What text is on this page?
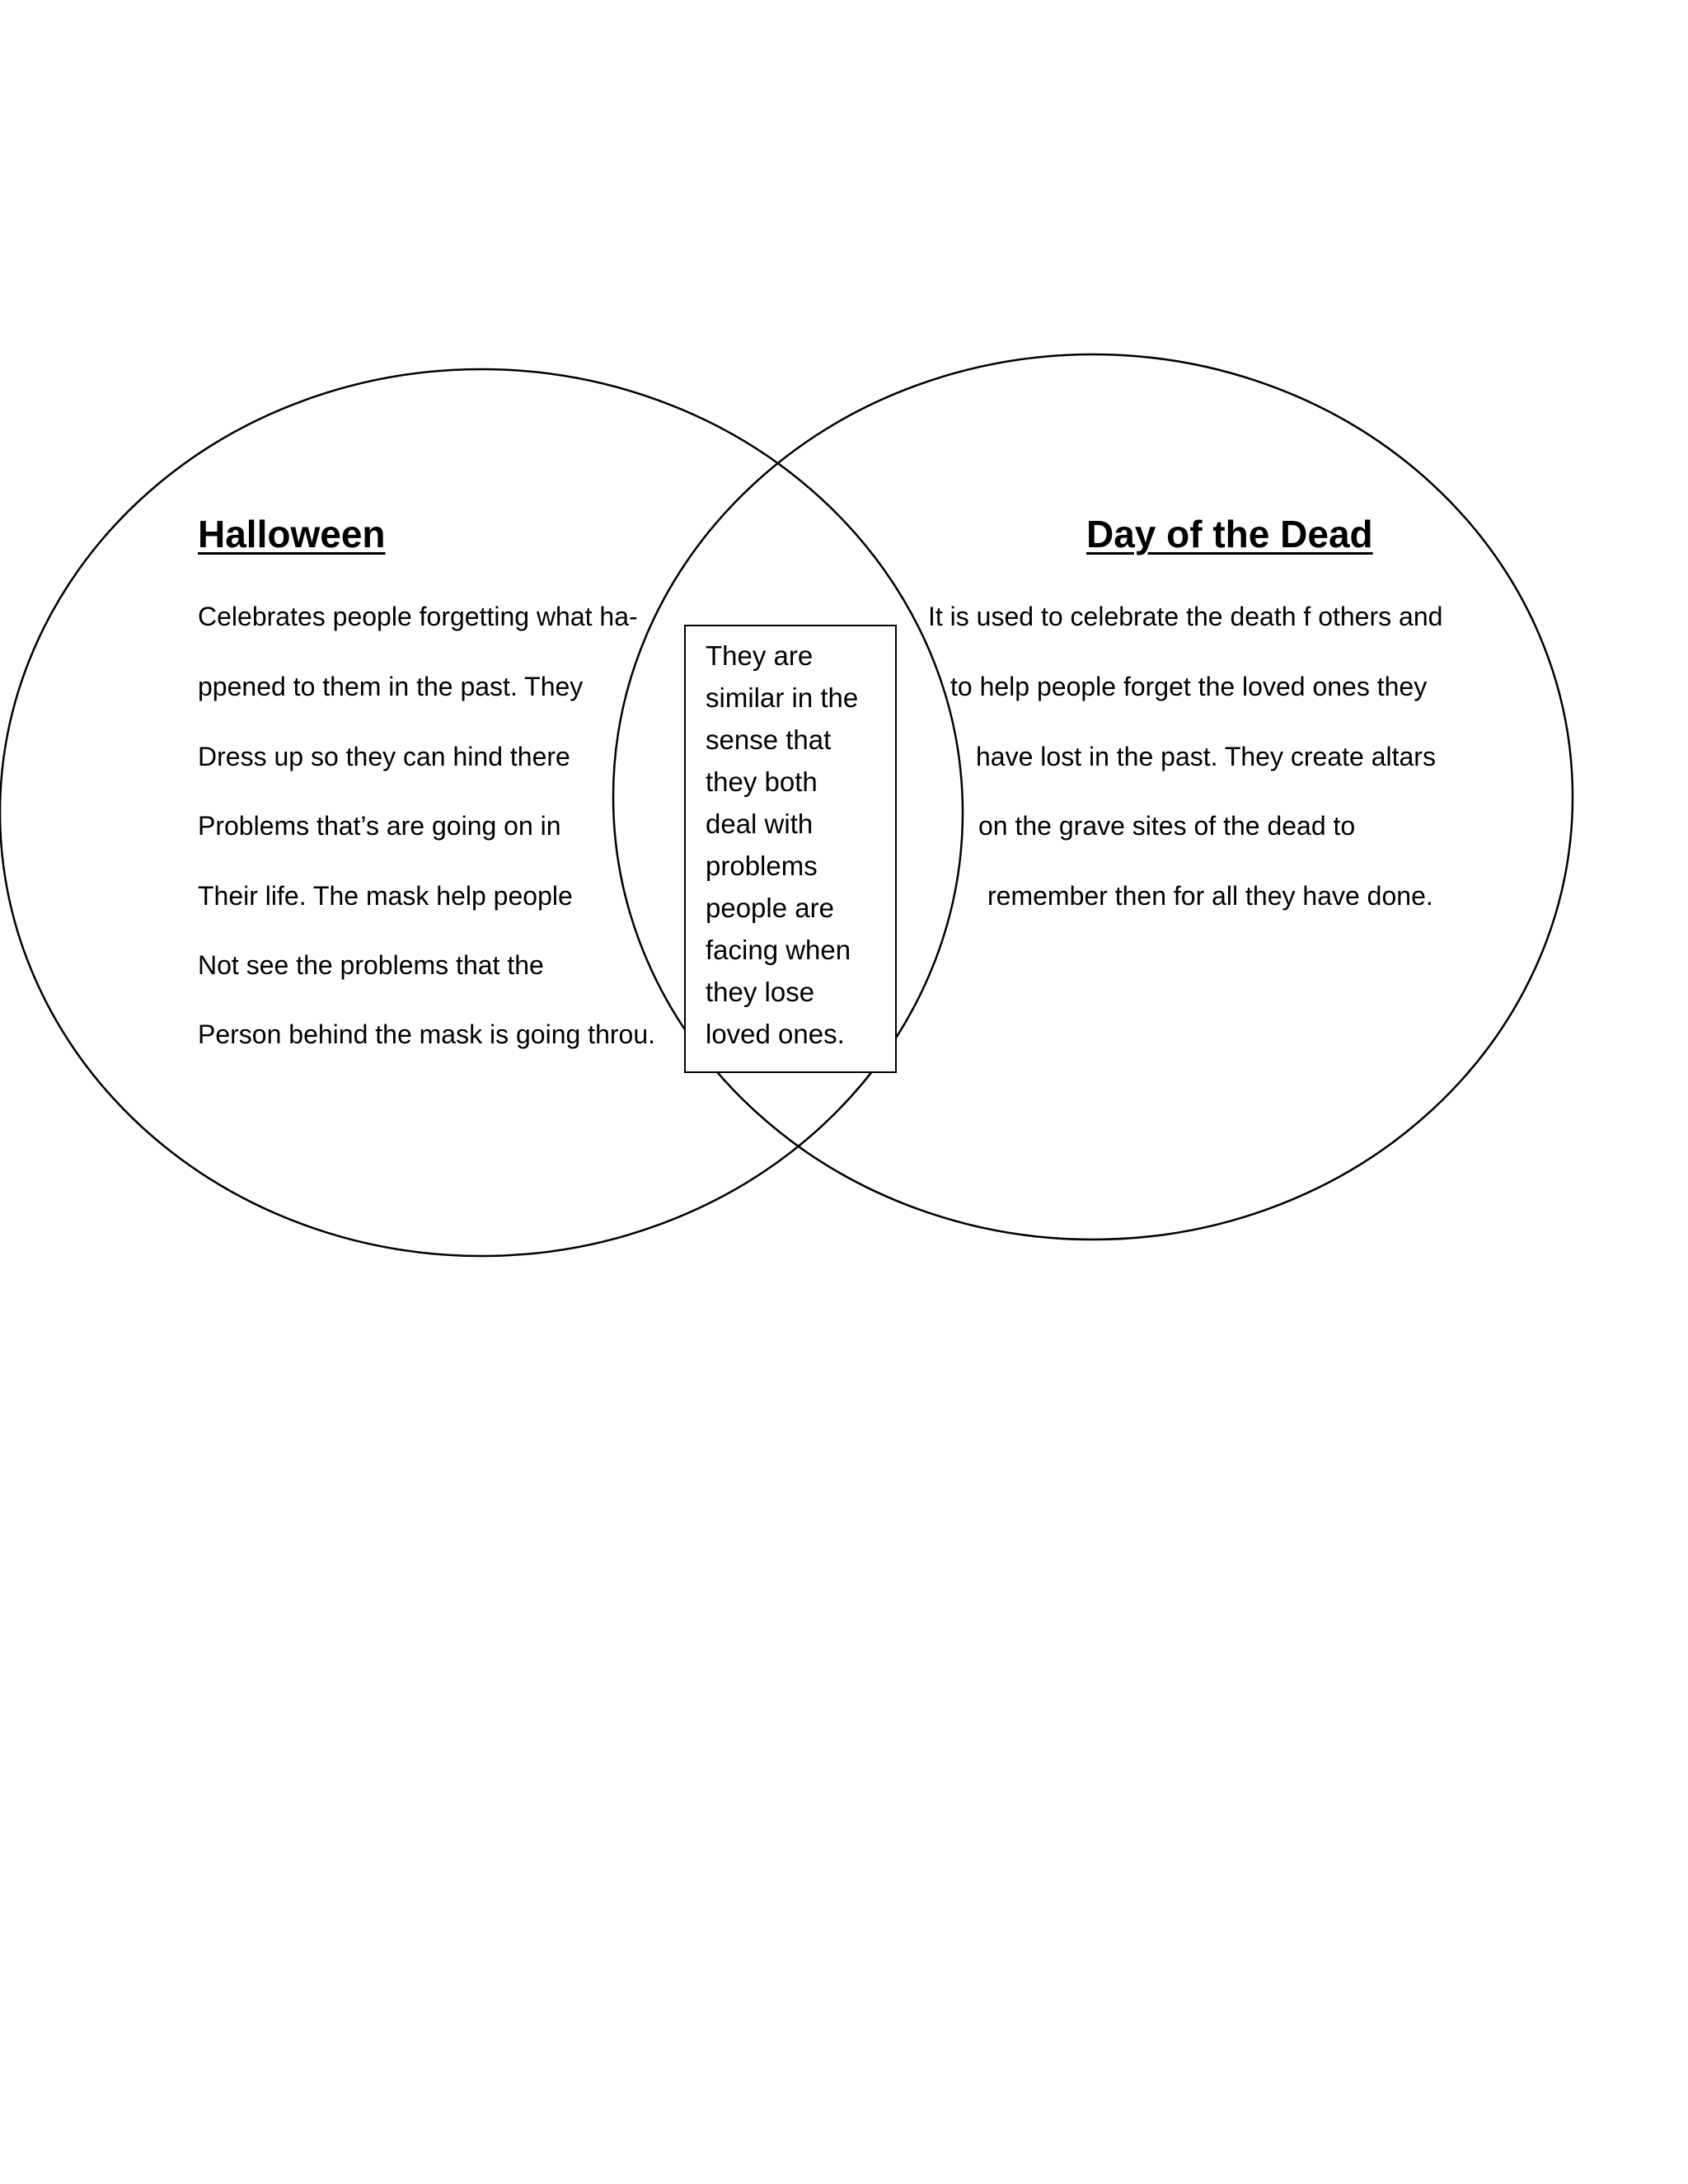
Halloween
Celebrates people forgetting what ha-
ppened to them in the past. They
Dress up so they can hind there
Problems that’s are going on in
Their life. The mask help people
Not see the problems that the
Person behind the mask is going throu.
Day of the Dead
It is used to celebrate the death f others and
to help people forget the loved ones they
have lost in the past. They create altars
on the grave sites of the dead to
remember then for all they have done.
They are
similar in the
sense that
they both
deal with
problems
people are
facing when
they lose
loved ones.
